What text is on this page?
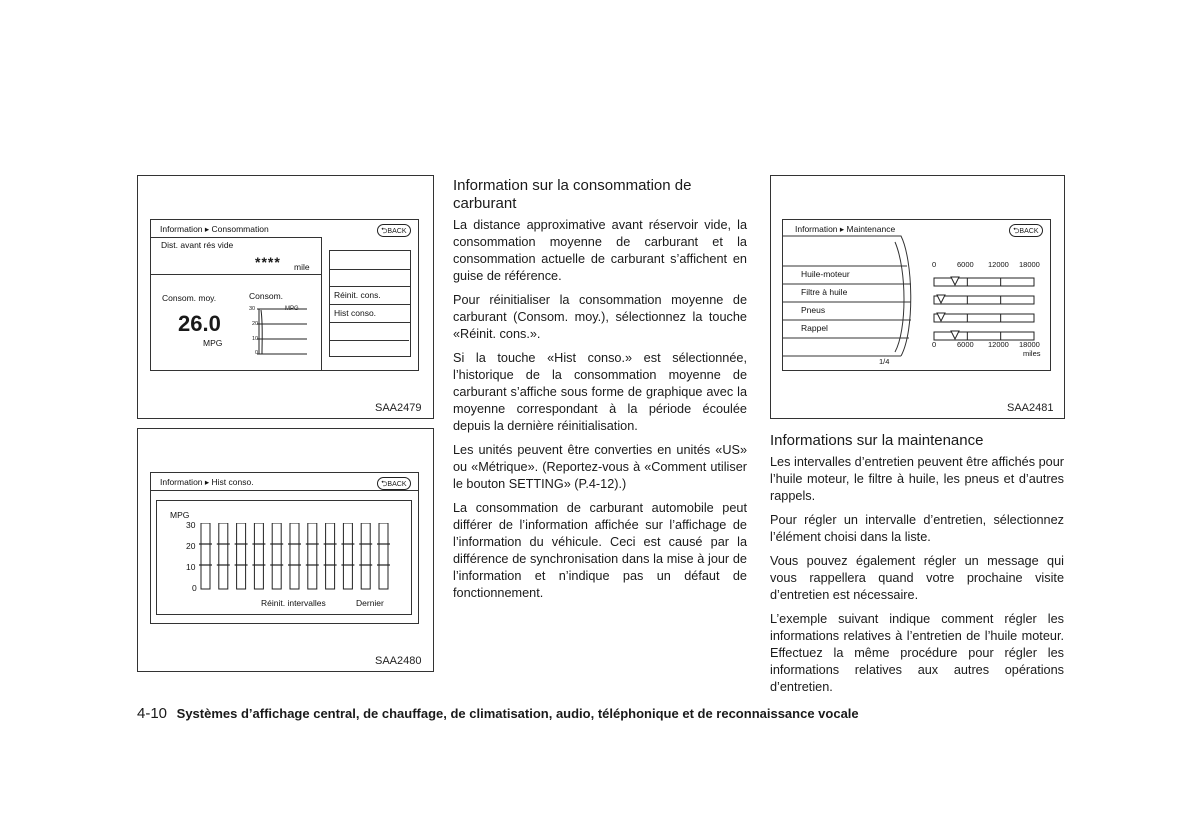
Information ▸ Consommation	⮌BACK
Dist. avant rés vide
**** mile
Consom. moy.
26.0
MPG
Consom.
MPG
30
20
10
0
Réinit. cons.
Hist conso.
SAA2479
Information ▸ Hist conso.	⮌BACK
MPG
30
20
10
0
Réinit. intervalles	Dernier
SAA2480
Information ▸ Maintenance	⮌BACK
Huile-moteur
Filtre à huile
Pneus
Rappel
1/4
0	6000 12000 18000
0	6000 12000 18000
miles
SAA2481
Information sur la consommation de carburant

La distance approximative avant réservoir vide, la consommation moyenne de carburant et la consommation actuelle de carburant s’affichent en guise de référence.

Pour réinitialiser la consommation moyenne de carburant (Consom. moy.), sélectionnez la touche «Réinit. cons.».

Si la touche «Hist conso.» est sélectionnée, l’historique de la consommation moyenne de carburant s’affiche sous forme de graphique avec la moyenne correspondant à la période écoulée depuis la dernière réinitialisation.

Les unités peuvent être converties en unités «US» ou «Métrique». (Reportez-vous à «Comment utiliser le bouton SETTING» (P.4-12).)

La consommation de carburant automobile peut différer de l’information affichée sur l’affichage de l’information du véhicule. Ceci est causé par la différence de synchronisation dans la mise à jour de l’information et n’indique pas un défaut de fonctionnement.

Informations sur la maintenance

Les intervalles d’entretien peuvent être affichés pour l’huile moteur, le filtre à huile, les pneus et d’autres rappels.

Pour régler un intervalle d’entretien, sélectionnez l’élément choisi dans la liste.

Vous pouvez également régler un message qui vous rappellera quand votre prochaine visite d’entretien est nécessaire.

L’exemple suivant indique comment régler les informations relatives à l’entretien de l’huile moteur. Effectuez la même procédure pour régler les informations relatives aux autres opérations d’entretien.

4-10 Systèmes d’affichage central, de chauffage, de climatisation, audio, téléphonique et de reconnaissance vocale
